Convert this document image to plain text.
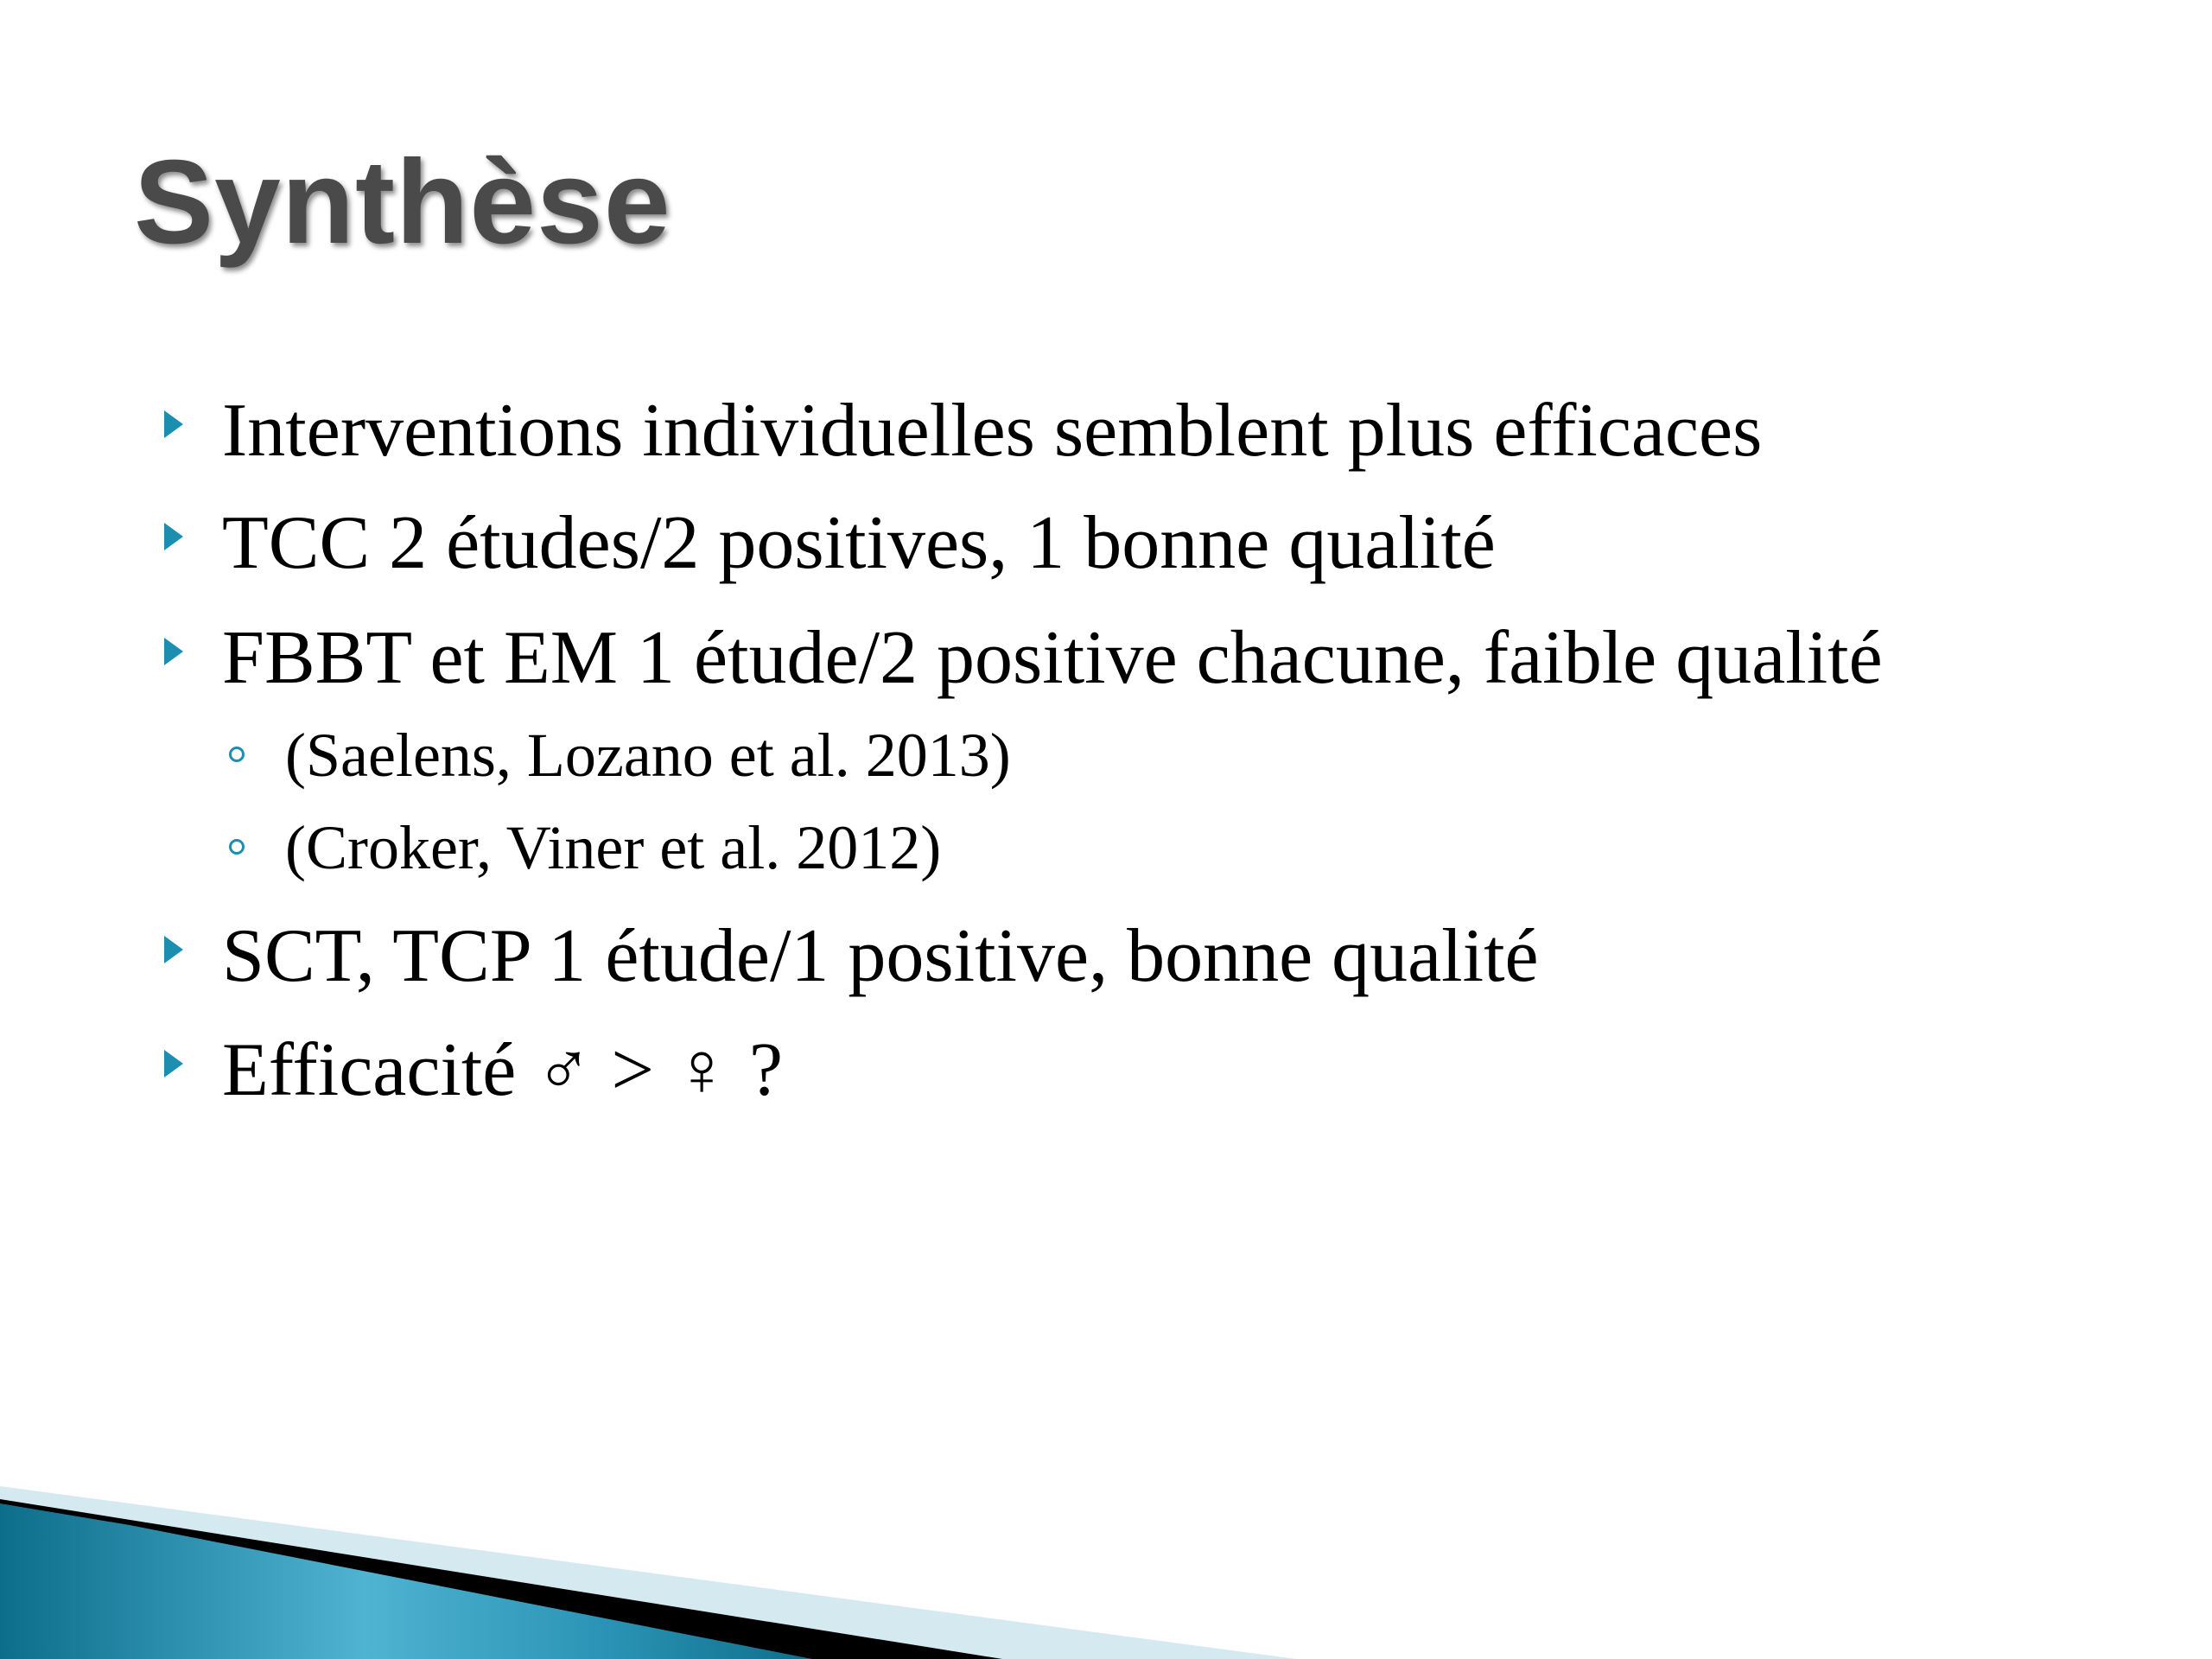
Synthèse
Interventions individuelles semblent plus efficaces
TCC 2 études/2 positives, 1 bonne qualité
FBBT et EM 1 étude/2 positive chacune, faible qualité
(Saelens, Lozano et al. 2013)
(Croker, Viner et al. 2012)
SCT, TCP 1 étude/1 positive, bonne qualité
Efficacité ♂ > ♀ ?
